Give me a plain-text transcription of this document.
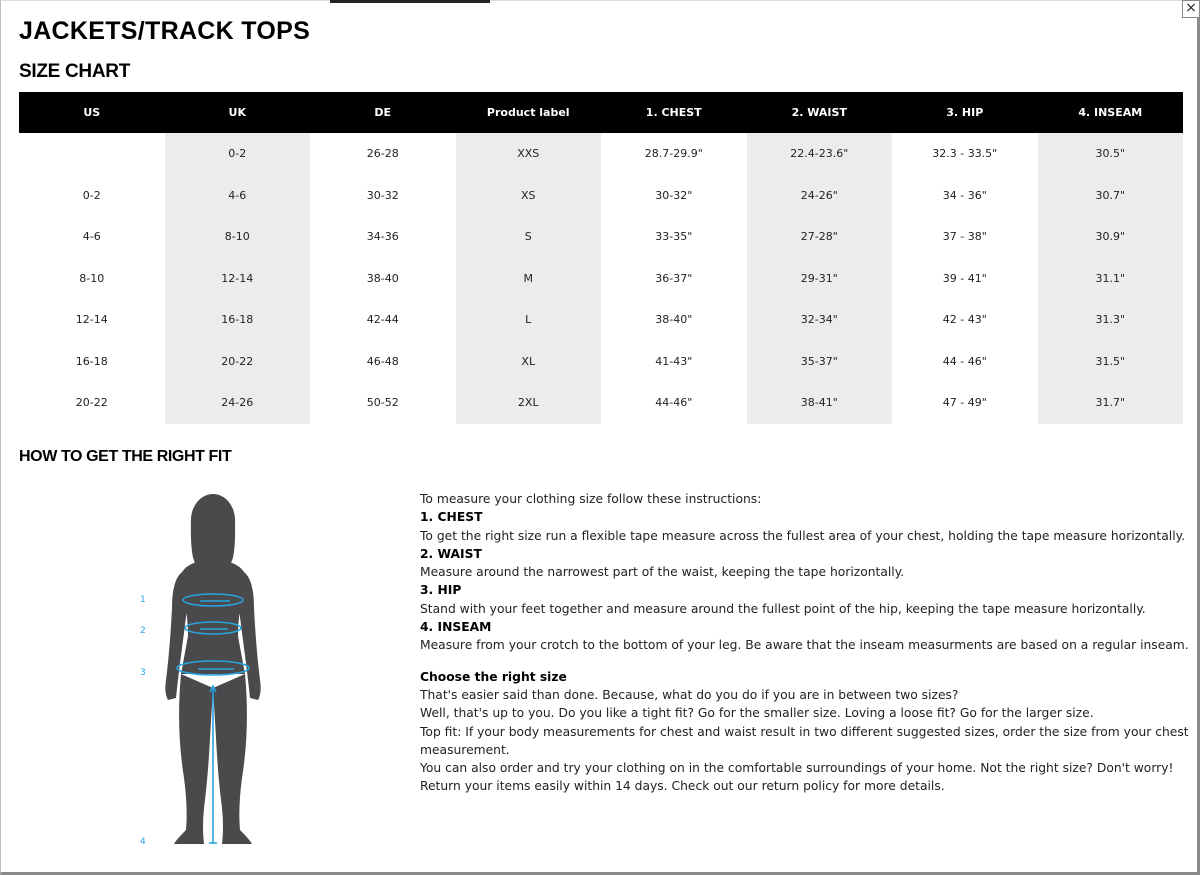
×
JACKETS/TRACK TOPS
SIZE CHART
US	UK	DE	Product label	1. CHEST	2. WAIST	3. HIP	4. INSEAM
	0-2	26-28	XXS	28.7-29.9"	22.4-23.6"	32.3 - 33.5"	30.5"
0-2	4-6	30-32	XS	30-32"	24-26"	34 - 36"	30.7"
4-6	8-10	34-36	S	33-35"	27-28"	37 - 38"	30.9"
8-10	12-14	38-40	M	36-37"	29-31"	39 - 41"	31.1"
12-14	16-18	42-44	L	38-40"	32-34"	42 - 43"	31.3"
16-18	20-22	46-48	XL	41-43"	35-37"	44 - 46"	31.5"
20-22	24-26	50-52	2XL	44-46"	38-41"	47 - 49"	31.7"
HOW TO GET THE RIGHT FIT
1
2
3
4
To measure your clothing size follow these instructions:
1. CHEST
To get the right size run a flexible tape measure across the fullest area of your chest, holding the tape measure horizontally.
2. WAIST
Measure around the narrowest part of the waist, keeping the tape horizontally.
3. HIP
Stand with your feet together and measure around the fullest point of the hip, keeping the tape measure horizontally.
4. INSEAM
Measure from your crotch to the bottom of your leg. Be aware that the inseam measurments are based on a regular inseam.
Choose the right size
That's easier said than done. Because, what do you do if you are in between two sizes?
Well, that's up to you. Do you like a tight fit? Go for the smaller size. Loving a loose fit? Go for the larger size.
Top fit: If your body measurements for chest and waist result in two different suggested sizes, order the size from your chest measurement.
You can also order and try your clothing on in the comfortable surroundings of your home. Not the right size? Don't worry! Return your items easily within 14 days. Check out our return policy for more details.
